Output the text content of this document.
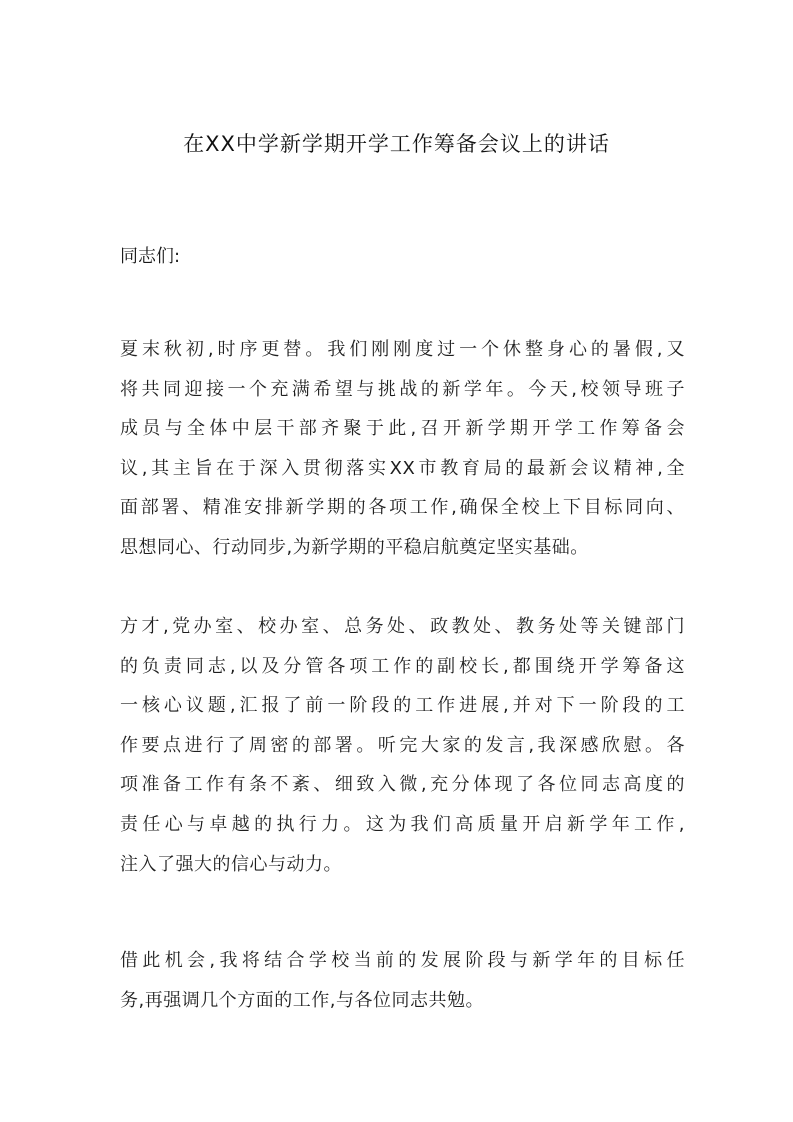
在XX中学新学期开学工作筹备会议上的讲话
同志们:
夏末秋初,时序更替。我们刚刚度过一个休整身心的暑假,又
将共同迎接一个充满希望与挑战的新学年。今天,校领导班子
成员与全体中层干部齐聚于此,召开新学期开学工作筹备会
议,其主旨在于深入贯彻落实XX市教育局的最新会议精神,全
面部署、精准安排新学期的各项工作,确保全校上下目标同向、
思想同心、行动同步,为新学期的平稳启航奠定坚实基础。
方才,党办室、校办室、总务处、政教处、教务处等关键部门
的负责同志,以及分管各项工作的副校长,都围绕开学筹备这
一核心议题,汇报了前一阶段的工作进展,并对下一阶段的工
作要点进行了周密的部署。听完大家的发言,我深感欣慰。各
项准备工作有条不紊、细致入微,充分体现了各位同志高度的
责任心与卓越的执行力。这为我们高质量开启新学年工作,
注入了强大的信心与动力。
借此机会,我将结合学校当前的发展阶段与新学年的目标任
务,再强调几个方面的工作,与各位同志共勉。
